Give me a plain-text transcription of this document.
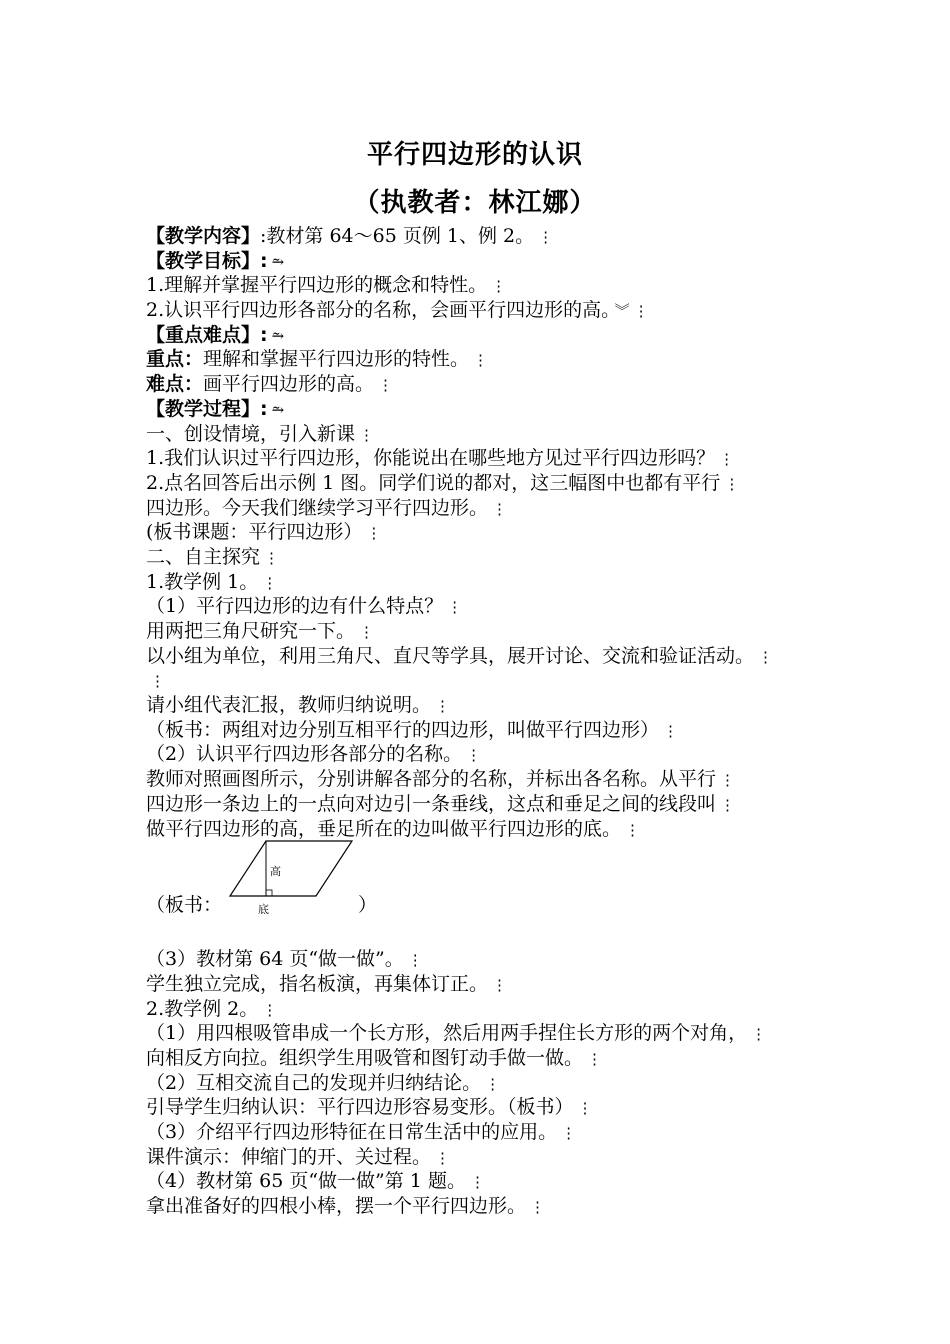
平行四边形的认识
（执教者：林江娜）
【教学内容】:教材第 64～65 页例 1、例 2。 ⋮
【教学目标】: ⥲
1.理解并掌握平行四边形的概念和特性。 ⋮
2.认识平行四边形各部分的名称，会画平行四边形的高。 ︾ ⋮
【重点难点】: ⥲
重点：理解和掌握平行四边形的特性。 ⋮
难点：画平行四边形的高。 ⋮
【教学过程】: ⥲
一、创设情境，引入新课 ⋮
1.我们认识过平行四边形，你能说出在哪些地方见过平行四边形吗？ ⋮
2.点名回答后出示例 1 图。同学们说的都对，这三幅图中也都有平行 ⋮
四边形。今天我们继续学习平行四边形。 ⋮
(板书课题：平行四边形） ⋮
二、自主探究 ⋮
1.教学例 1。 ⋮
（1）平行四边形的边有什么特点？ ⋮
用两把三角尺研究一下。 ⋮
以小组为单位，利用三角尺、直尺等学具，展开讨论、交流和验证活动。 ⋮
⋮
请小组代表汇报，教师归纳说明。 ⋮
（板书：两组对边分别互相平行的四边形，叫做平行四边形） ⋮
（2）认识平行四边形各部分的名称。 ⋮
教师对照画图所示，分别讲解各部分的名称，并标出各名称。从平行 ⋮
四边形一条边上的一点向对边引一条垂线，这点和垂足之间的线段叫 ⋮
做平行四边形的高，垂足所在的边叫做平行四边形的底。 ⋮
（板书：
高
底	）
（3）教材第 64 页“做一做”。 ⋮
学生独立完成，指名板演，再集体订正。 ⋮
2.教学例 2。 ⋮
（1）用四根吸管串成一个长方形，然后用两手捏住长方形的两个对角， ⋮
向相反方向拉。组织学生用吸管和图钉动手做一做。 ⋮
（2）互相交流自己的发现并归纳结论。 ⋮
引导学生归纳认识：平行四边形容易变形。（板书） ⋮
（3）介绍平行四边形特征在日常生活中的应用。 ⋮
课件演示：伸缩门的开、关过程。 ⋮
（4）教材第 65 页“做一做”第 1 题。 ⋮
拿出准备好的四根小棒，摆一个平行四边形。 ⋮
